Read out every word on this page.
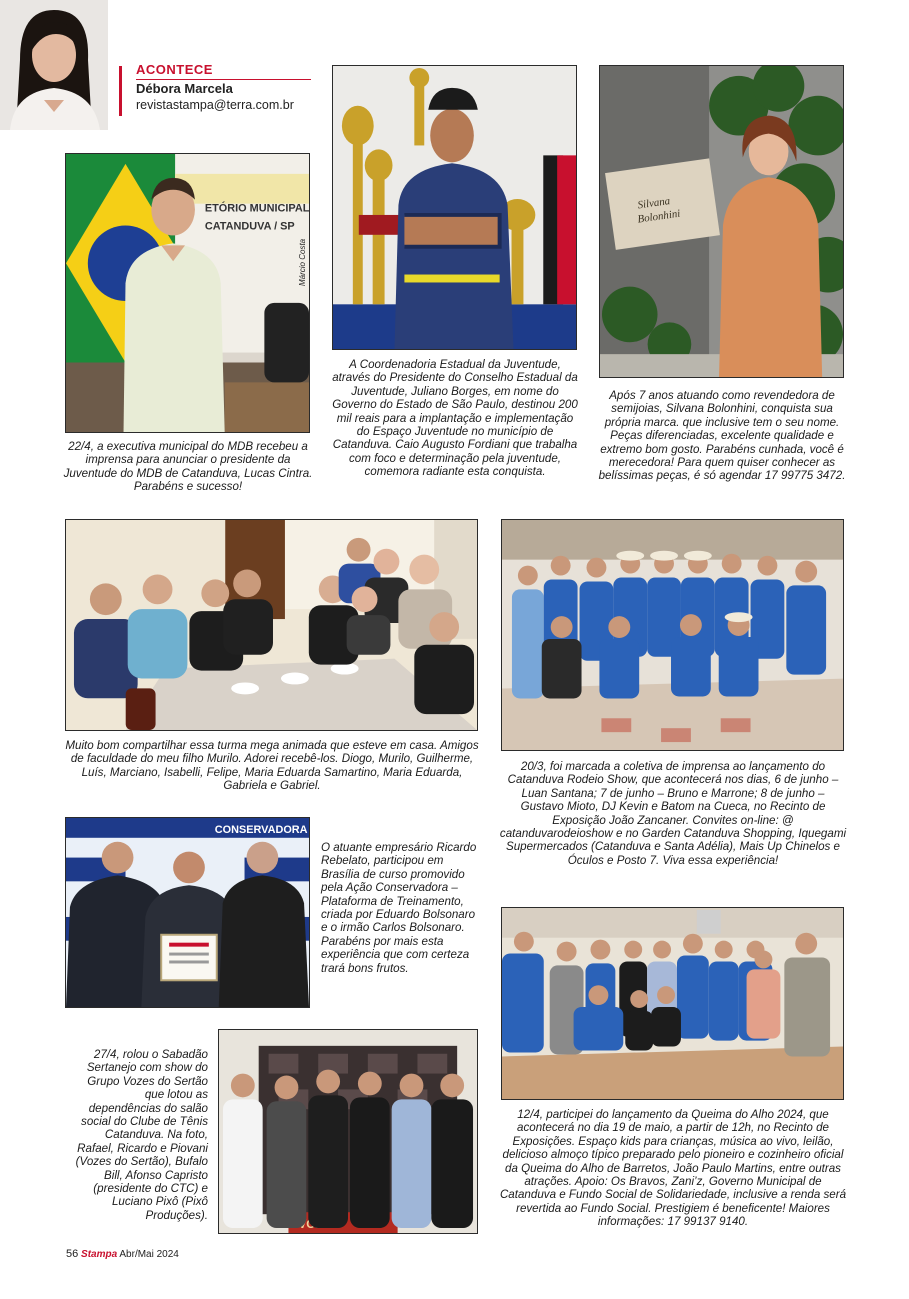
ACONTECE
Débora Marcela
revistastampa@terra.com.br
ETÓRIO MUNICIPAL
CATANDUVA / SP
Márcio Costa
Silvana
Bolonhini
22/4, a executiva municipal do MDB recebeu a imprensa para anunciar o presidente da Juventude do MDB de Catanduva, Lucas Cintra. Parabéns e sucesso!
A Coordenadoria Estadual da Juventude, através do Presidente do Conselho Estadual da Juventude, Juliano Borges, em nome do Governo do Estado de São Paulo, destinou 200 mil reais para a implantação e implementação do Espaço Juventude no município de Catanduva. Caio Augusto Fordiani que trabalha com foco e determinação pela juventude, comemora radiante esta conquista.
Após 7 anos atuando como revendedora de semijoias, Silvana Bolonhini, conquista sua própria marca. que inclusive tem o seu nome. Peças diferenciadas, excelente qualidade e extremo bom gosto. Parabéns cunhada, você é merecedora! Para quem quiser conhecer as belíssimas peças, é só agendar 17 99775 3472.
Muito bom compartilhar essa turma mega animada que esteve em casa. Amigos de faculdade do meu filho Murilo. Adorei recebê-los. Diogo, Murilo, Guilherme, Luís, Marciano, Isabelli, Felipe, Maria Eduarda Samartino, Maria Eduarda, Gabriela e Gabriel.
20/3, foi marcada a coletiva de imprensa ao lançamento do Catanduva Rodeio Show, que acontecerá nos dias, 6 de junho – Luan Santana; 7 de junho – Bruno e Marrone; 8 de junho – Gustavo Mioto, DJ Kevin e Batom na Cueca, no Recinto de Exposição João Zancaner. Convites on-line: @ catanduvarodeioshow e no Garden Catanduva Shopping, Iquegami Supermercados (Catanduva e Santa Adélia), Mais Up Chinelos e Óculos e Posto 7. Viva essa experiência!
CONSERVADORA
O atuante empresário Ricardo Rebelato, participou em Brasília de curso promovido pela Ação Conservadora – Plataforma de Treinamento, criada por Eduardo Bolsonaro e o irmão Carlos Bolsonaro. Parabéns por mais esta experiência que com certeza trará bons frutos.
12/4, participei do lançamento da Queima do Alho 2024, que acontecerá no dia 19 de maio, a partir de 12h, no Recinto de Exposições. Espaço kids para crianças, música ao vivo, leilão, delicioso almoço típico preparado pelo pioneiro e cozinheiro oficial da Queima do Alho de Barretos, João Paulo Martins, entre outras atrações. Apoio: Os Bravos, Zani’z, Governo Municipal de Catanduva e Fundo Social de Solidariedade, inclusive a renda será revertida ao Fundo Social. Prestigiem é beneficente! Maiores informações: 17 99137 9140.
27/4, rolou o Sabadão Sertanejo com show do Grupo Vozes do Sertão que lotou as dependências do salão social do Clube de Tênis Catanduva. Na foto, Rafael, Ricardo e Piovani (Vozes do Sertão), Bufalo Bill, Afonso Capristo (presidente do CTC) e Luciano Pixô (Pixô Produções).
56 Stampa Abr/Mai 2024
